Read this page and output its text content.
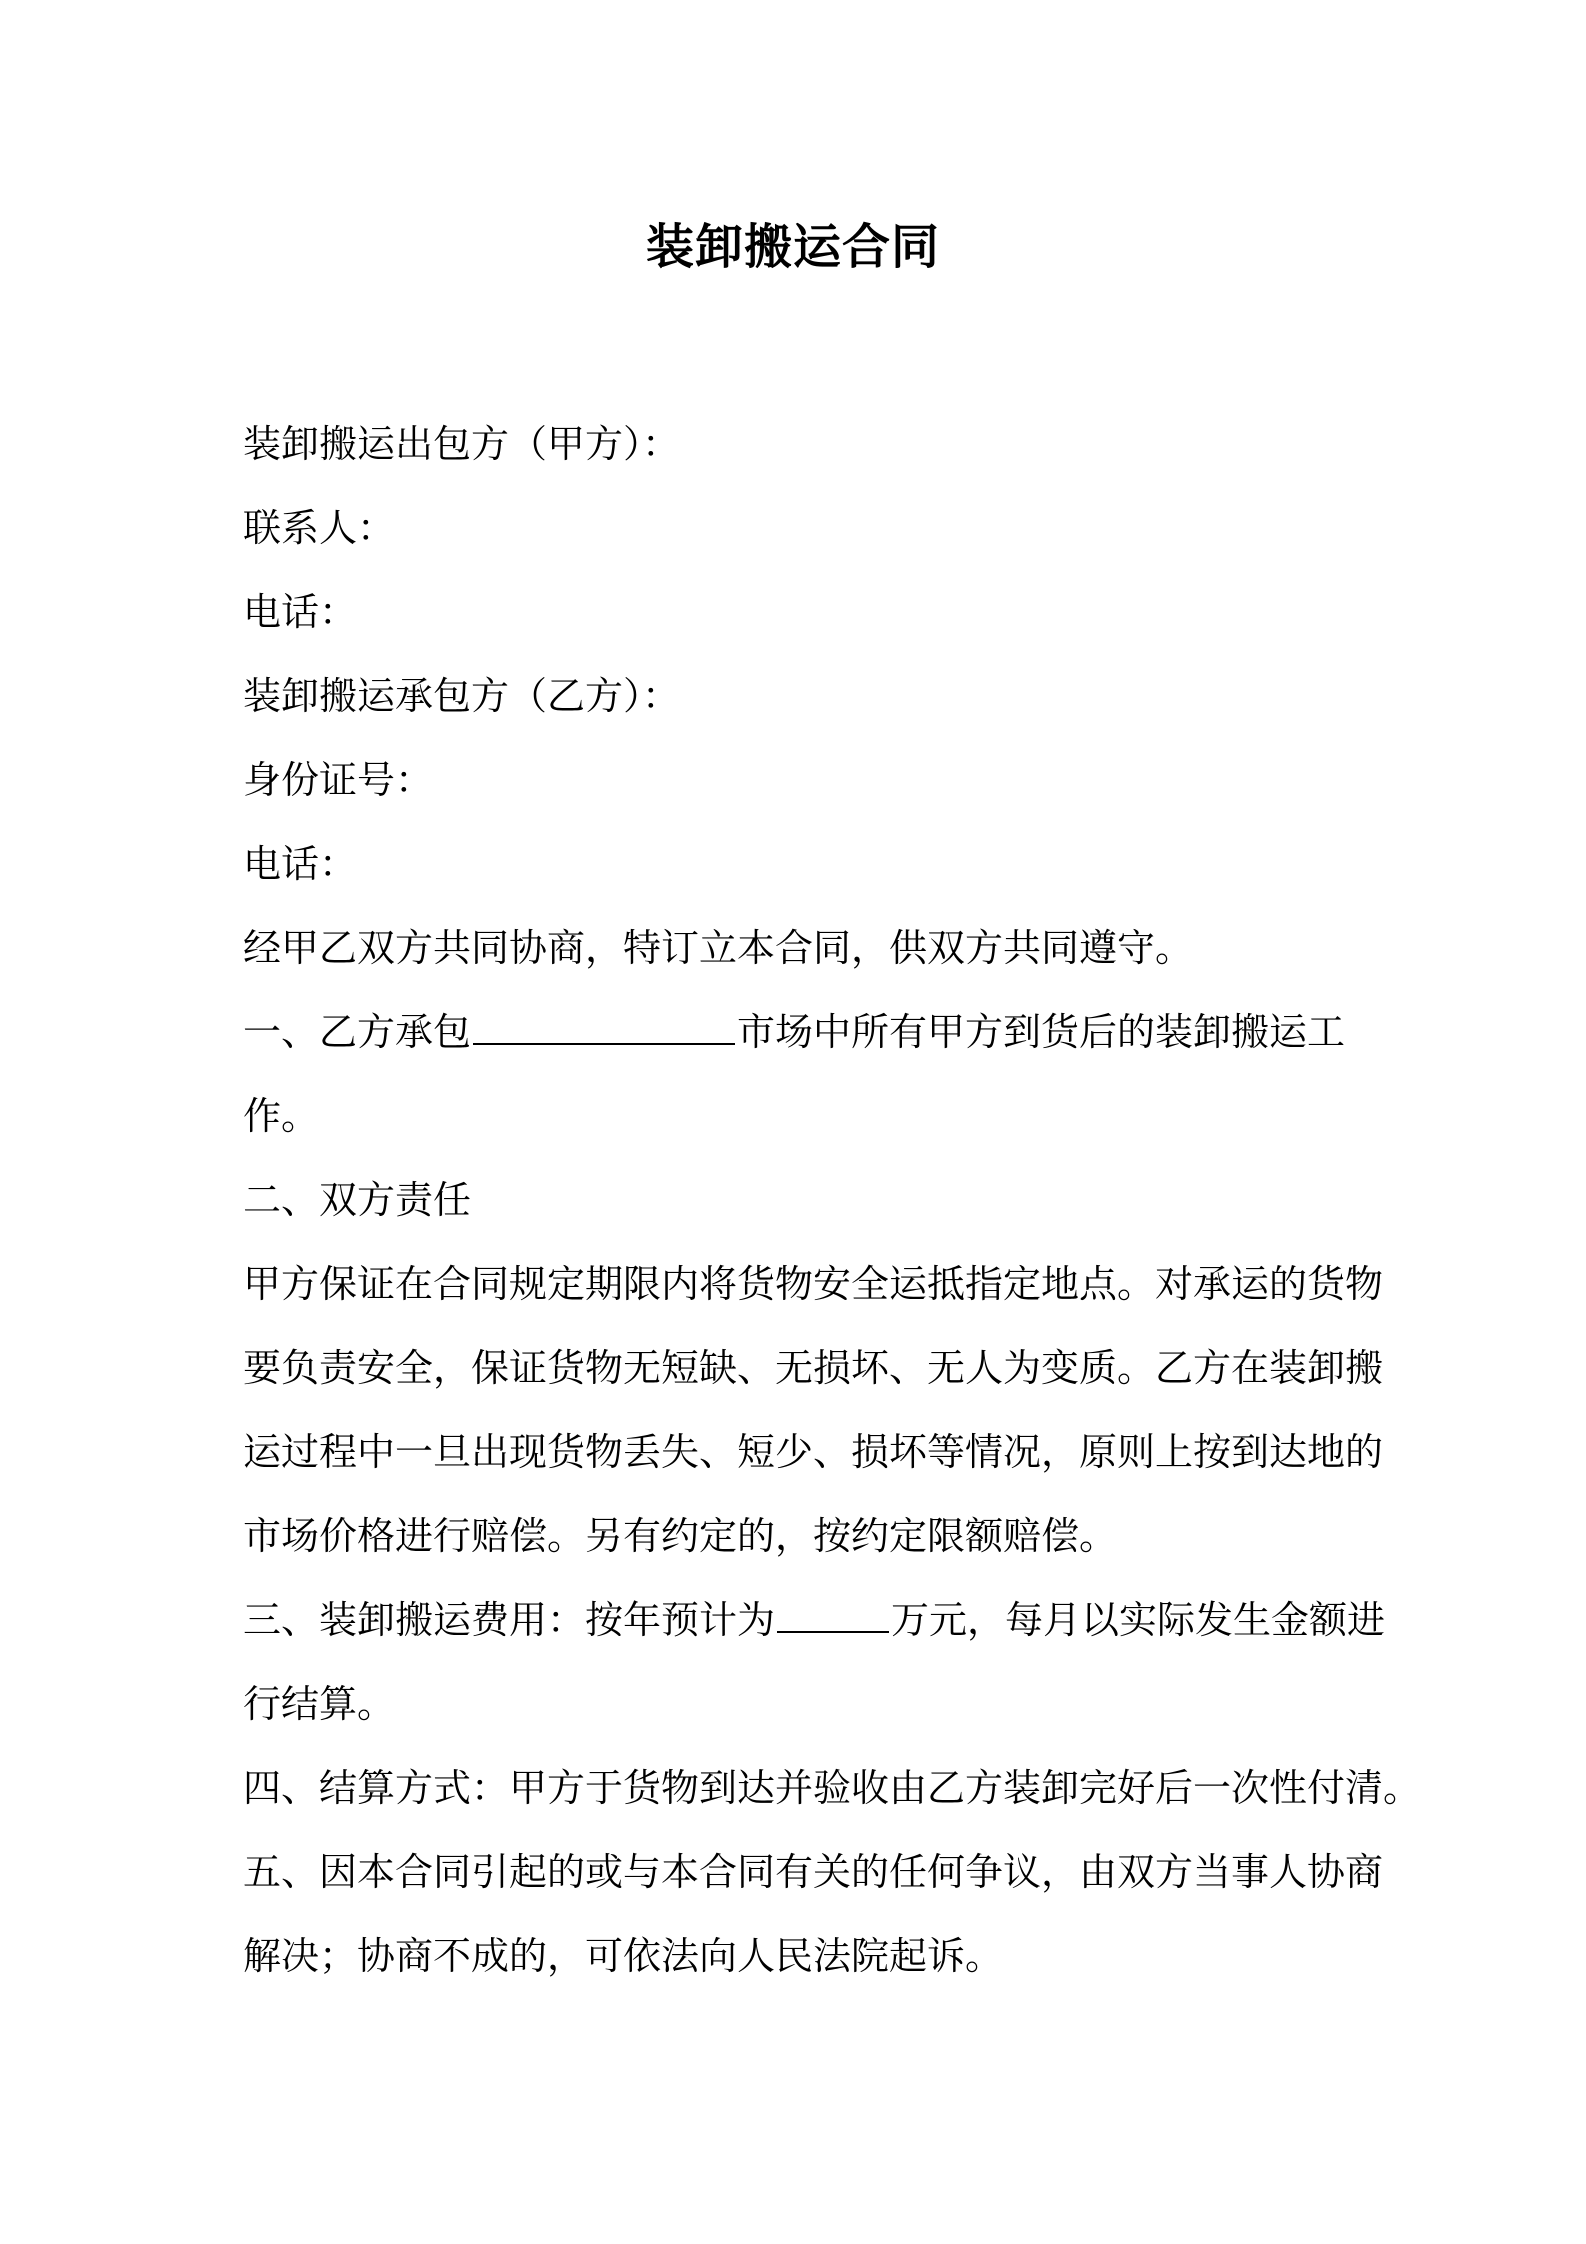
装卸搬运合同
装卸搬运出包方（甲方）：
联系人：
电话：
装卸搬运承包方（乙方）：
身份证号：
电话：
经甲乙双方共同协商，特订立本合同，供双方共同遵守。
一、乙方承包	市场中所有甲方到货后的装卸搬运工
作。
二、双方责任
甲方保证在合同规定期限内将货物安全运抵指定地点。对承运的货物
要负责安全，保证货物无短缺、无损坏、无人为变质。乙方在装卸搬
运过程中一旦出现货物丢失、短少、损坏等情况，原则上按到达地的
市场价格进行赔偿。另有约定的，按约定限额赔偿。
三、装卸搬运费用：按年预计为	万元，每月以实际发生金额进
行结算。
四、结算方式：甲方于货物到达并验收由乙方装卸完好后一次性付清。
五、因本合同引起的或与本合同有关的任何争议，由双方当事人协商
解决；协商不成的，可依法向人民法院起诉。
